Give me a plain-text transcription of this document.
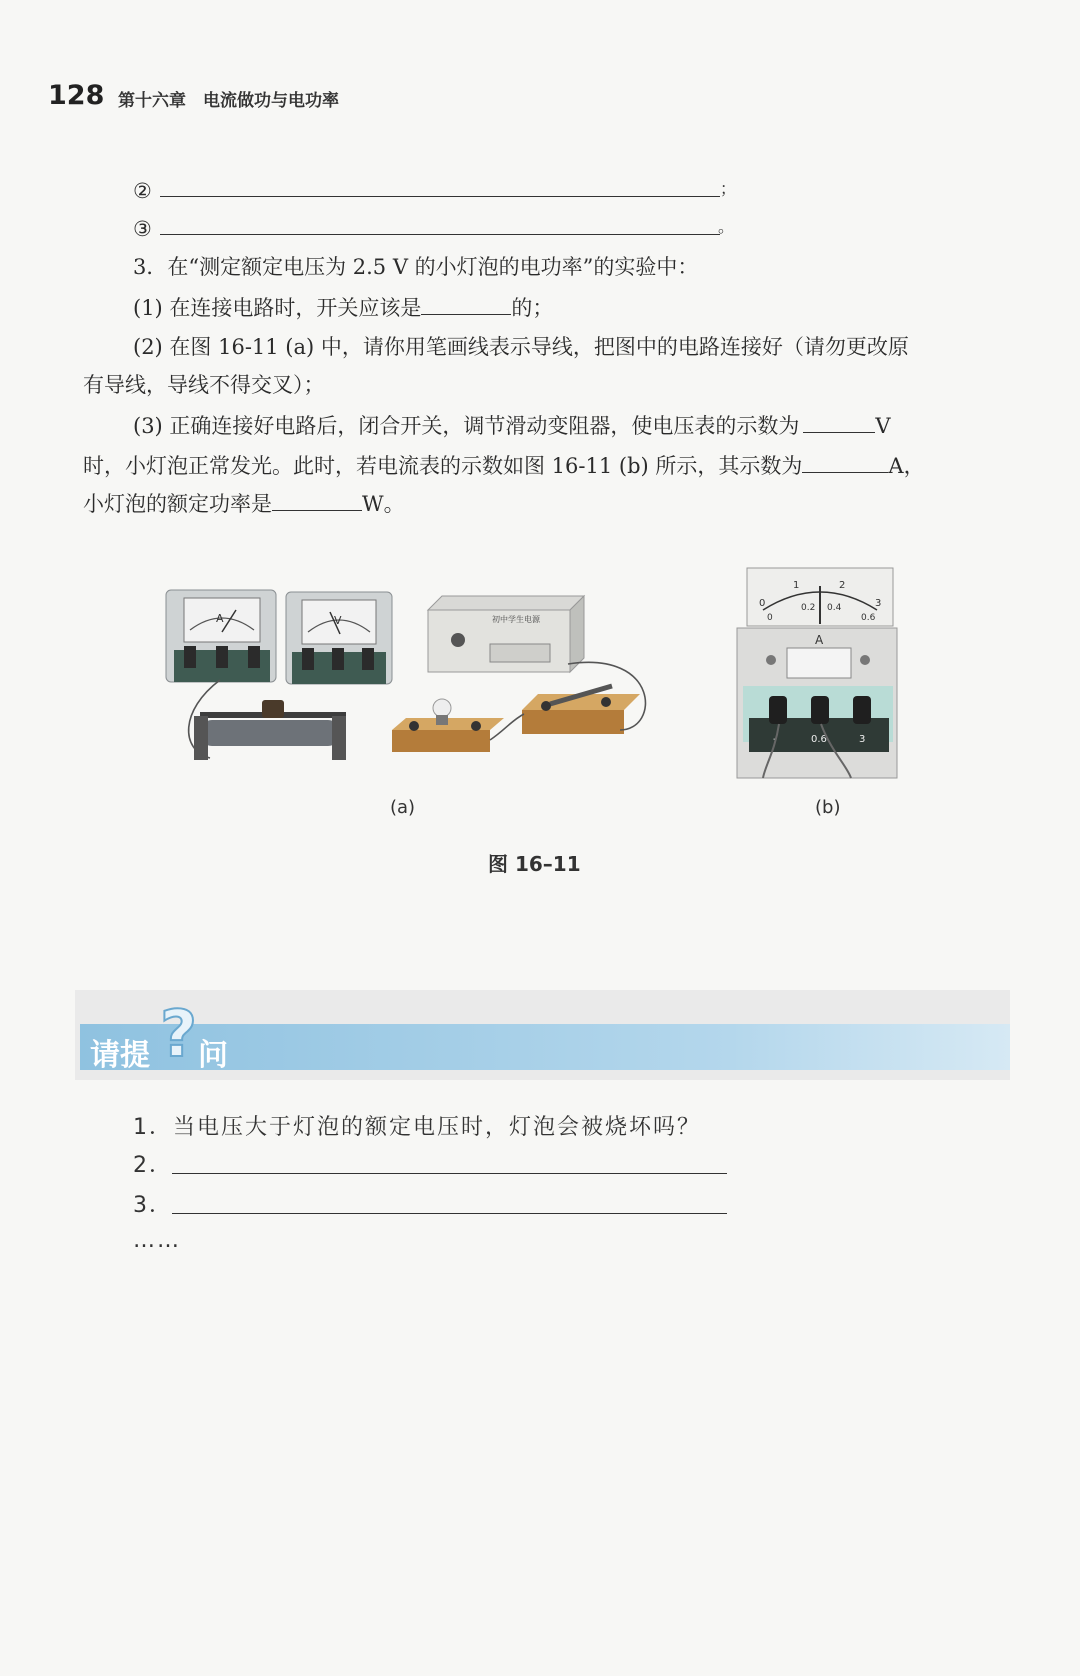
128 第十六章　电流做功与电功率
②	；
③	。
3．在“测定额定电压为 2.5 V 的小灯泡的电功率”的实验中：
(1) 在连接电路时，开关应该是	的；
(2) 在图 16-11 (a) 中，请你用笔画线表示导线，把图中的电路连接好（请勿更改原
有导线，导线不得交叉）；
(3) 正确连接好电路后，闭合开关，调节滑动变阻器，使电压表的示数为	V
时，小灯泡正常发光。此时，若电流表的示数如图 16-11 (b) 所示，其示数为	A，
小灯泡的额定功率是	W。
A	V	初中学生电源
(a)
0
1	2
3
0
0.2 0.4
0.6
A
-	0.6	3
(b)
图 16–11
请提 ? 问
1．当电压大于灯泡的额定电压时，灯泡会被烧坏吗？
2．
3．
……
